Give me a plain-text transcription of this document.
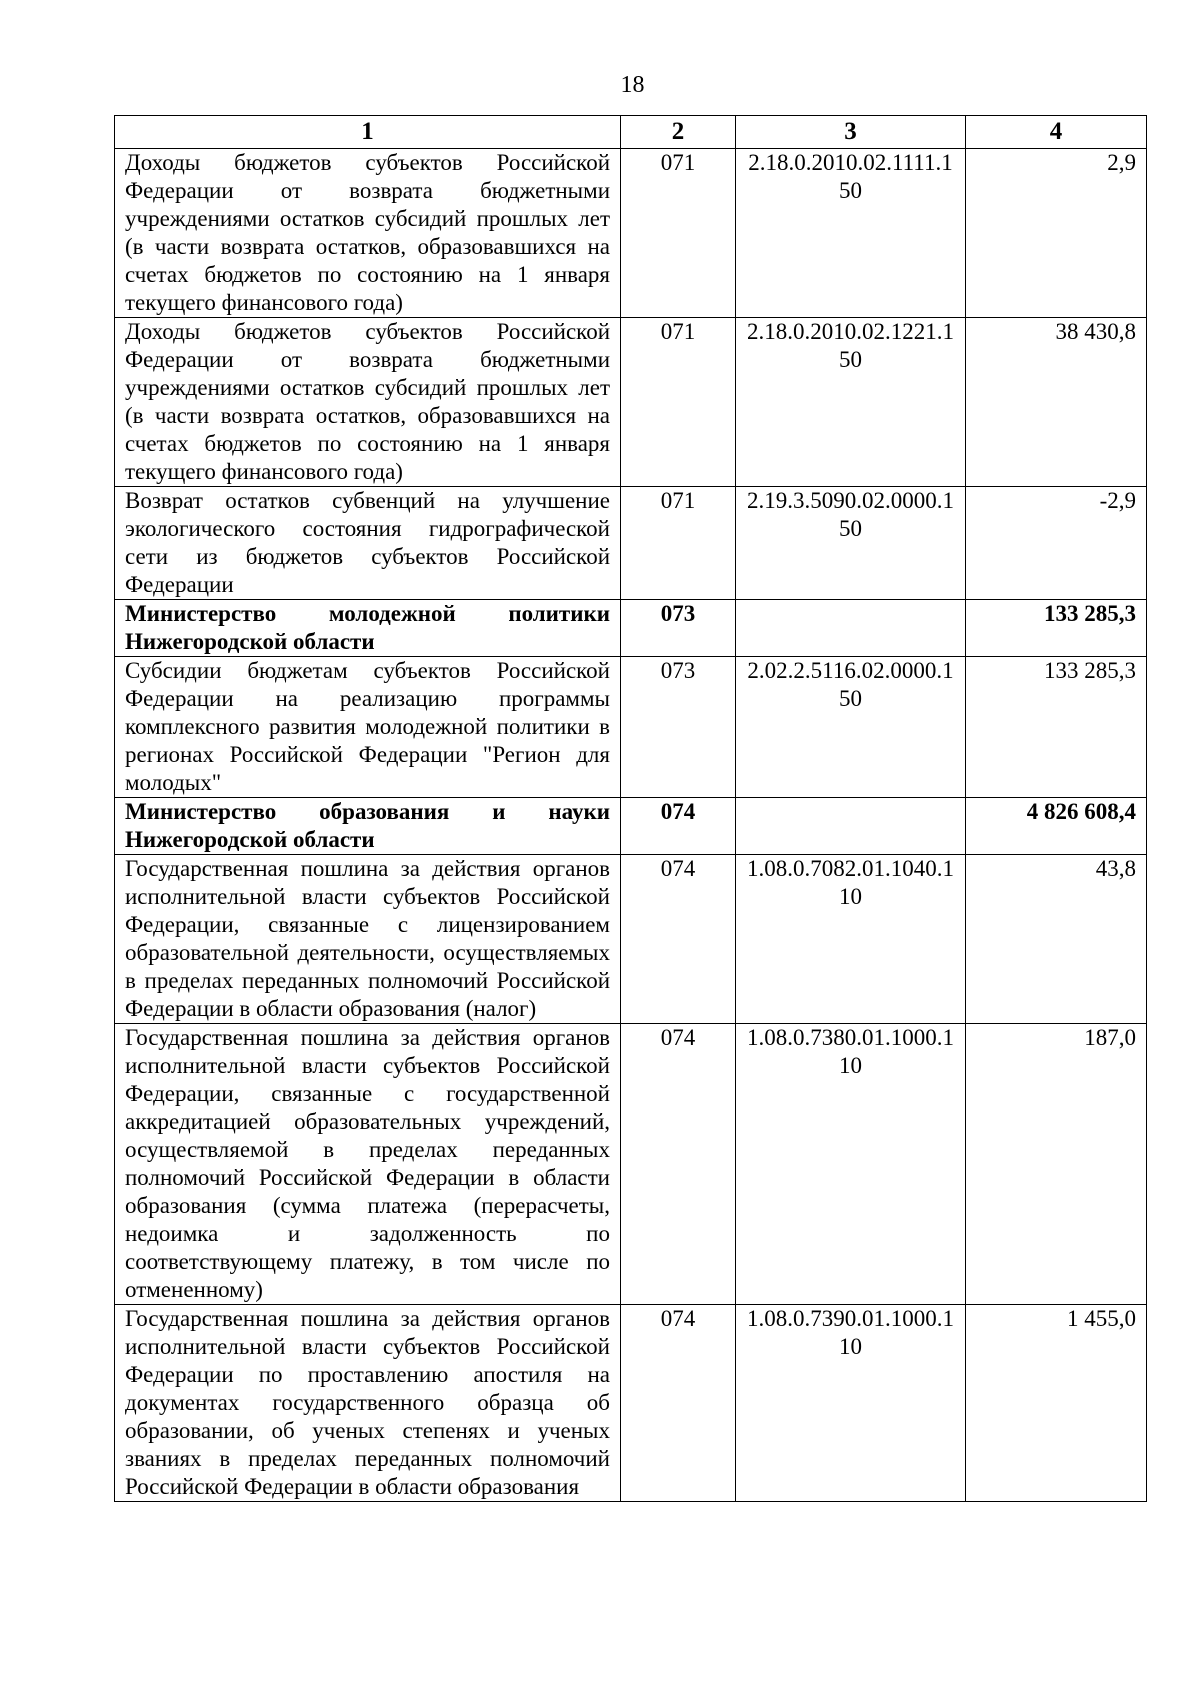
18
1	2	3	4
Доходы бюджетов субъектов Российской Федерации от возврата бюджетными учреждениями остатков субсидий прошлых лет (в части возврата остатков, образовавшихся на счетах бюджетов по состоянию на 1 января текущего финансового года)	071	2.18.0.2010.02.1111.150	2,9
Доходы бюджетов субъектов Российской Федерации от возврата бюджетными учреждениями остатков субсидий прошлых лет (в части возврата остатков, образовавшихся на счетах бюджетов по состоянию на 1 января текущего финансового года)	071	2.18.0.2010.02.1221.150	38 430,8
Возврат остатков субвенций на улучшение экологического состояния гидрографической сети из бюджетов субъектов Российской Федерации	071	2.19.3.5090.02.0000.150	-2,9
Министерство молодежной политики Нижегородской области	073		133 285,3
Субсидии бюджетам субъектов Российской Федерации на реализацию программы комплексного развития молодежной политики в регионах Российской Федерации "Регион для молодых"	073	2.02.2.5116.02.0000.150	133 285,3
Министерство образования и науки Нижегородской области	074		4 826 608,4
Государственная пошлина за действия органов исполнительной власти субъектов Российской Федерации, связанные с лицензированием образовательной деятельности, осуществляемых в пределах переданных полномочий Российской Федерации в области образования (налог)	074	1.08.0.7082.01.1040.110	43,8
Государственная пошлина за действия органов исполнительной власти субъектов Российской Федерации, связанные с государственной аккредитацией образовательных учреждений, осуществляемой в пределах переданных полномочий Российской Федерации в области образования (сумма платежа (перерасчеты, недоимка и задолженность по соответствующему платежу, в том числе по отмененному)	074	1.08.0.7380.01.1000.110	187,0
Государственная пошлина за действия органов исполнительной власти субъектов Российской Федерации по проставлению апостиля на документах государственного образца об образовании, об ученых степенях и ученых званиях в пределах переданных полномочий Российской Федерации в области образования	074	1.08.0.7390.01.1000.110	1 455,0
